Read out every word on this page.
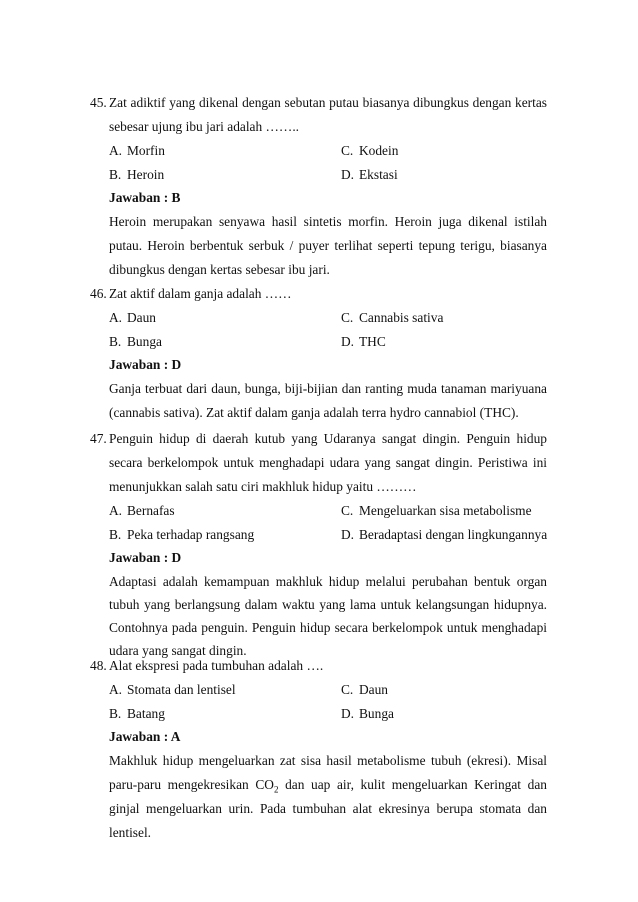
45. Zat adiktif yang dikenal dengan sebutan putau biasanya dibungkus dengan kertas sebesar ujung ibu jari adalah ……..
A. Morfin	C. Kodein
B. Heroin	D. Ekstasi
Jawaban : B
Heroin merupakan senyawa hasil sintetis morfin. Heroin juga dikenal istilah putau. Heroin berbentuk serbuk / puyer terlihat seperti tepung terigu, biasanya dibungkus dengan kertas sebesar ibu jari.
46. Zat aktif dalam ganja adalah ……
A. Daun	C. Cannabis sativa
B. Bunga	D. THC
Jawaban : D
Ganja terbuat dari daun, bunga, biji-bijian dan ranting muda tanaman mariyuana (cannabis sativa). Zat aktif dalam ganja adalah terra hydro cannabiol (THC).
47. Penguin hidup di daerah kutub yang Udaranya sangat dingin. Penguin hidup secara berkelompok untuk menghadapi udara yang sangat dingin. Peristiwa ini menunjukkan salah satu ciri makhluk hidup yaitu ………
A. Bernafas	C. Mengeluarkan sisa metabolisme
B. Peka terhadap rangsang	D. Beradaptasi dengan lingkungannya
Jawaban : D
Adaptasi adalah kemampuan makhluk hidup melalui perubahan bentuk organ tubuh yang berlangsung dalam waktu yang lama untuk kelangsungan hidupnya. Contohnya pada penguin. Penguin hidup secara berkelompok untuk menghadapi udara yang sangat dingin.
48. Alat ekspresi pada tumbuhan adalah ….
A. Stomata dan lentisel	C. Daun
B. Batang	D. Bunga
Jawaban : A
Makhluk hidup mengeluarkan zat sisa hasil metabolisme tubuh (ekresi). Misal paru-paru mengekresikan $CO_2$ dan uap air, kulit mengeluarkan Keringat dan ginjal mengeluarkan urin. Pada tumbuhan alat ekresinya berupa stomata dan lentisel.
